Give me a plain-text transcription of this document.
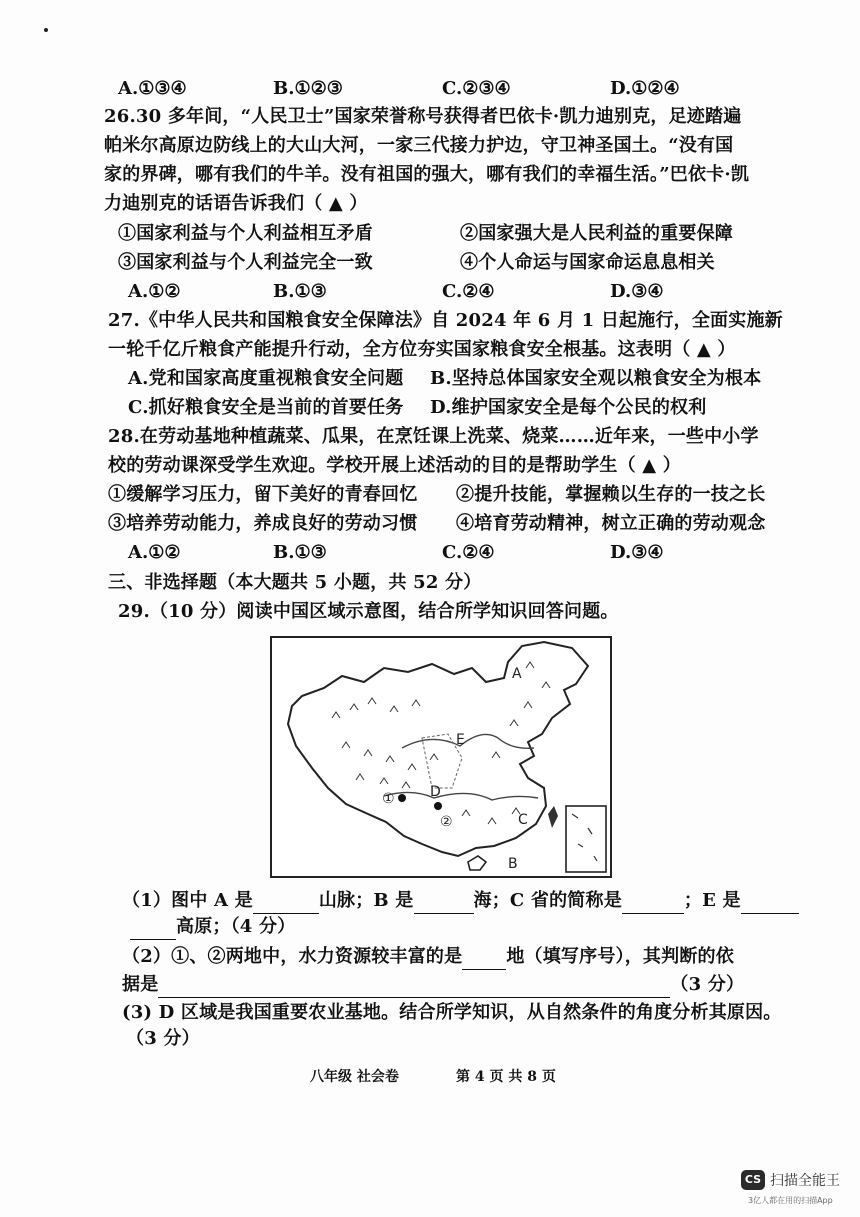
A.①③④	B.①②③	C.②③④	D.①②④
26.30 多年间，“人民卫士”国家荣誉称号获得者巴依卡·凯力迪别克，足迹踏遍
帕米尔高原边防线上的大山大河，一家三代接力护边，守卫神圣国土。“没有国
家的界碑，哪有我们的牛羊。没有祖国的强大，哪有我们的幸福生活。”巴依卡·凯
力迪别克的话语告诉我们（ ▲ ）
①国家利益与个人利益相互矛盾	②国家强大是人民利益的重要保障
③国家利益与个人利益完全一致	④个人命运与国家命运息息相关
A.①②	B.①③	C.②④	D.③④
27.《中华人民共和国粮食安全保障法》自 2024 年 6 月 1 日起施行，全面实施新
一轮千亿斤粮食产能提升行动，全方位夯实国家粮食安全根基。这表明（ ▲ ）
A.党和国家高度重视粮食安全问题 B.坚持总体国家安全观以粮食安全为根本
C.抓好粮食安全是当前的首要任务 D.维护国家安全是每个公民的权利
28.在劳动基地种植蔬菜、瓜果，在烹饪课上洗菜、烧菜……近年来，一些中小学
校的劳动课深受学生欢迎。学校开展上述活动的目的是帮助学生（ ▲ ）
①缓解学习压力，留下美好的青春回忆 ②提升技能，掌握赖以生存的一技之长
③培养劳动能力，养成良好的劳动习惯 ④培育劳动精神，树立正确的劳动观念
A.①②	B.①③	C.②④	D.③④
三、非选择题（本大题共 5 小题，共 52 分）
29.（10 分）阅读中国区域示意图，结合所学知识回答问题。
A
B
C
D
E
①
②
（1）图中 A 是	山脉；B 是	海；C 省的简称是	；E 是
高原；（4 分）
（2）①、②两地中，水力资源较丰富的是 地（填写序号），其判断的依
据是	（3 分）
(3) D 区域是我国重要农业基地。结合所学知识，从自然条件的角度分析其原因。
（3 分）
八年级 社会卷	第 4 页 共 8 页
CS 扫描全能王
3亿人都在用的扫描App
